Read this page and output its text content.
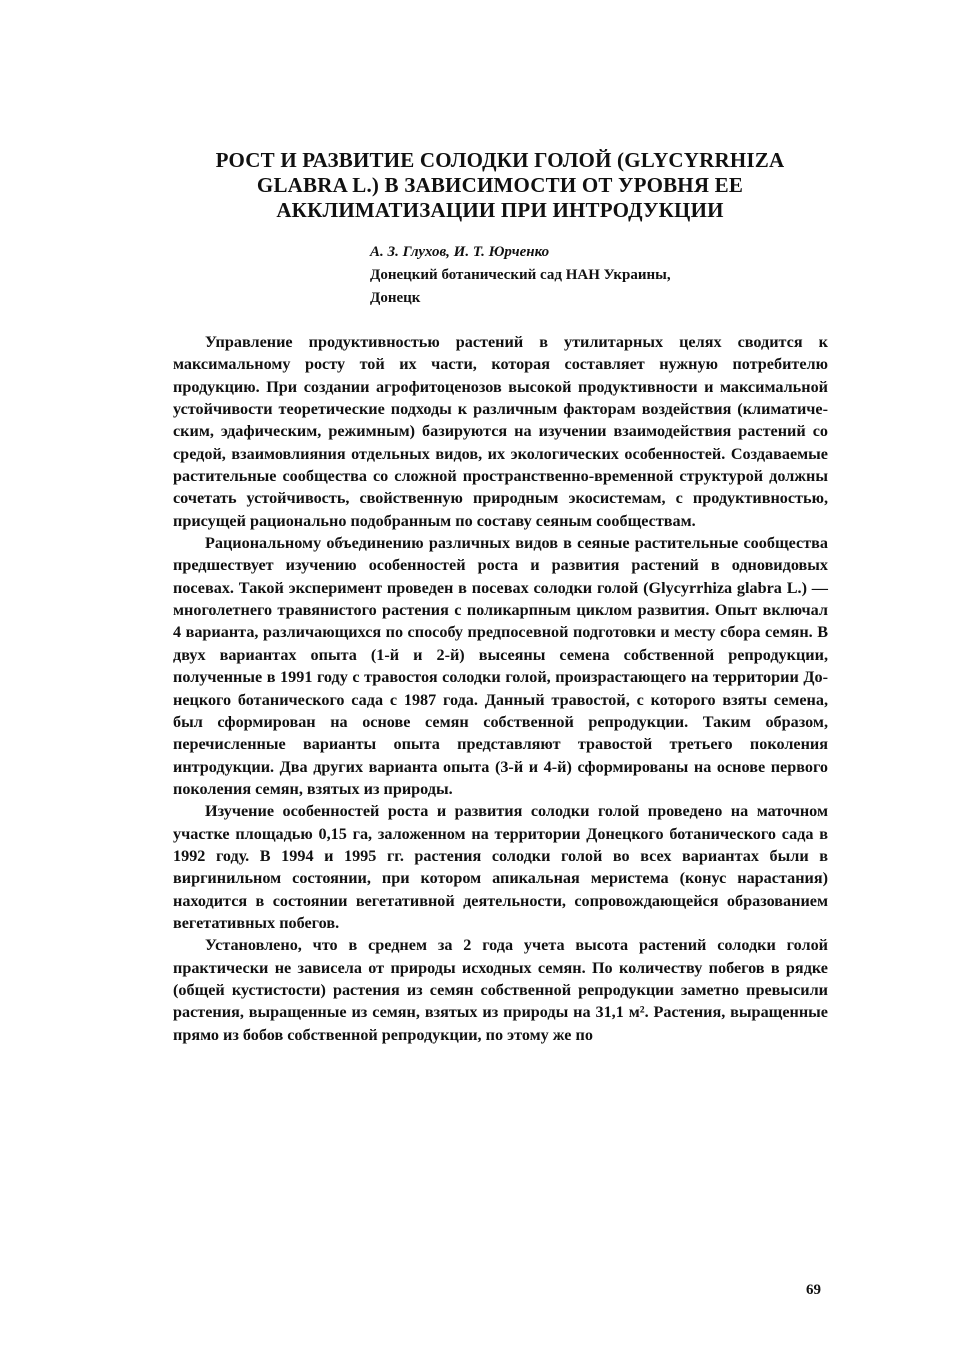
РОСТ И РАЗВИТИЕ СОЛОДКИ ГОЛОЙ (GLYCYRRHIZA
GLABRA L.) В ЗАВИСИМОСТИ ОТ УРОВНЯ ЕЕ
АККЛИМАТИЗАЦИИ ПРИ ИНТРОДУКЦИИ
А. З. Глухов, И. Т. Юрченко
Донецкий ботанический сад НАН Украины,
Донецк

Управление продуктивностью растений в утилитарных целях сводится к максимальному росту той их части, которая составляет нужную потребителю продукцию. При создании агрофитоценозов высокой продуктивности и максимальной устойчивости теоретические подходы к различным факторам воздействия (климатическим, эдафическим, режимным) базируются на изучении взаимодействия растений со средой, взаимовлияния отдельных видов, их экологических особенностей. Создаваемые растительные сообщества со сложной пространственно-временной структурой должны сочетать устойчивость, свойственную природным экосистемам, с продуктивностью, присущей рационально подобранным по составу сеяным сообществам.

Рациональному объединению различных видов в сеяные растительные сообщества предшествует изучению особенностей роста и развития растений в одновидовых посевах. Такой эксперимент проведен в посевах солодки голой (Glycyrrhiza glabra L.) — многолетнего травянистого растения с поликарпным циклом развития. Опыт включал 4 варианта, различающихся по способу предпосевной подготовки и месту сбора семян. В двух вариантах опыта (1-й и 2-й) высеяны семена собственной репродукции, полученные в 1991 году с травостоя солодки голой, произрастающего на территории Донецкого ботанического сада с 1987 года. Данный травостой, с которого взяты семена, был сформирован на основе семян собственной репродукции. Таким образом, перечисленные варианты опыта представляют травостой третьего поколения интродукции. Два других варианта опыта (3-й и 4-й) сформированы на основе первого поколения семян, взятых из природы.

Изучение особенностей роста и развития солодки голой проведено на маточном участке площадью 0,15 га, заложенном на территории Донецкого ботанического сада в 1992 году. В 1994 и 1995 гг. растения солодки голой во всех вариантах были в виргинильном состоянии, при котором апикальная меристема (конус нарастания) находится в состоянии вегетативной деятельности, сопровождающейся образованием вегетативных побегов.

Установлено, что в среднем за 2 года учета высота растений солодки голой практически не зависела от природы исходных семян. По количеству побегов в рядке (общей кустистости) растения из семян собственной репродукции заметно превысили растения, выращенные из семян, взятых из природы на 31,1 м². Растения, выращенные прямо из бобов собственной репродукции, по этому же по

69
